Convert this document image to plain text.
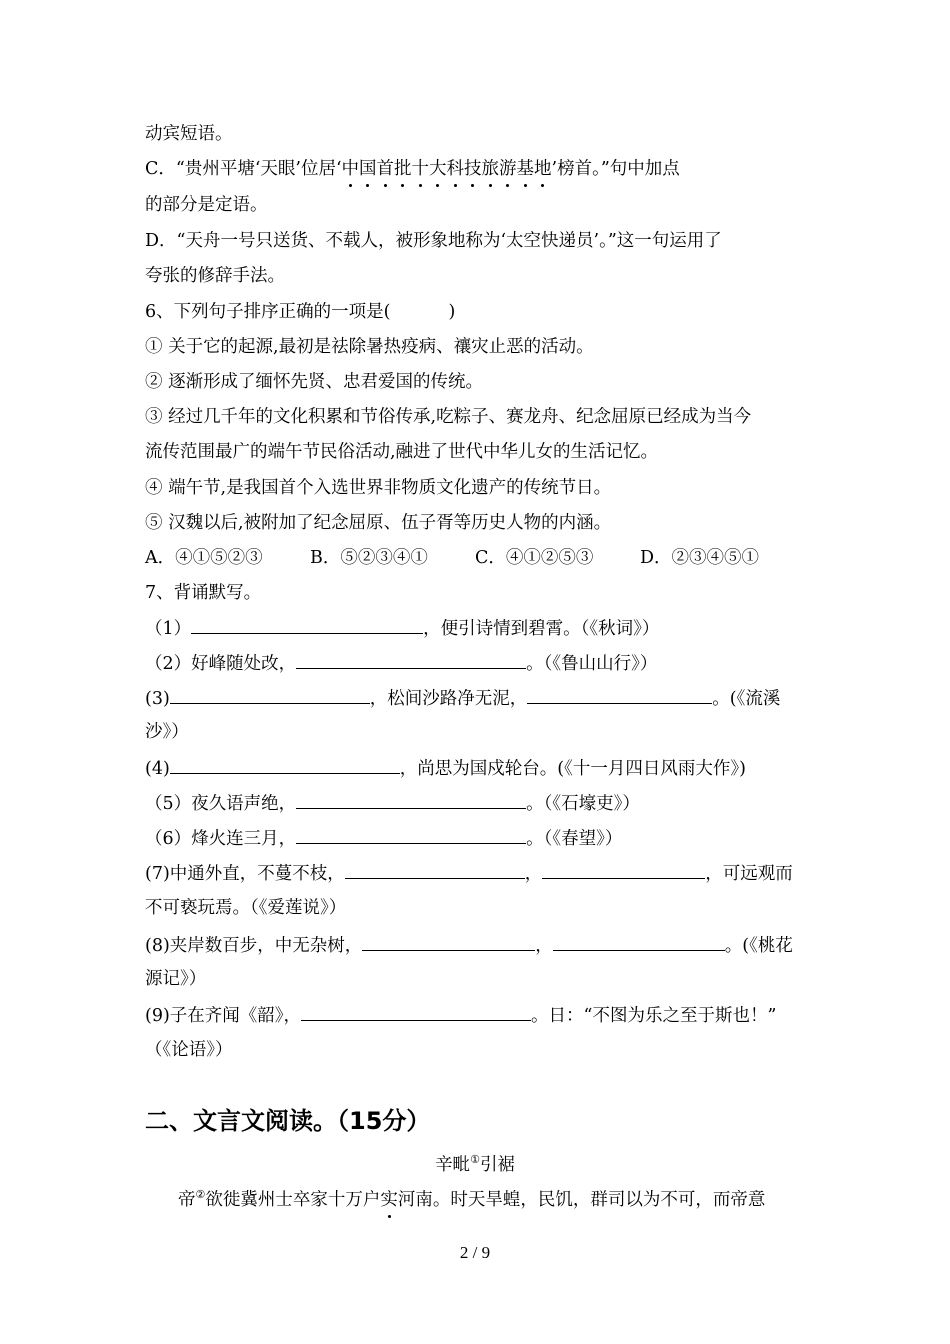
动宾短语。
C．“贵州平塘‘天眼’位居‘中国首批十大科技旅游基地’榜首。”句中加点
的部分是定语。
D．“天舟一号只送货、不载人，被形象地称为‘太空快递员’。”这一句运用了
夸张的修辞手法。
6、下列句子排序正确的一项是(　　　 )
① 关于它的起源,最初是祛除暑热疫病、禳灾止恶的活动。
② 逐渐形成了缅怀先贤、忠君爱国的传统。
③ 经过几千年的文化积累和节俗传承,吃粽子、赛龙舟、纪念屈原已经成为当今
流传范围最广的端午节民俗活动,融进了世代中华儿女的生活记忆。
④ 端午节,是我国首个入选世界非物质文化遗产的传统节日。
⑤ 汉魏以后,被附加了纪念屈原、伍子胥等历史人物的内涵。
A．④①⑤②③	B．⑤②③④①	C．④①②⑤③	D．②③④⑤①
7、背诵默写。
（1）	，便引诗情到碧霄。（《秋词》）
（2）好峰随处改，	。（《鲁山山行》）
(3)	，松间沙路净无泥，	。(《流溪
沙》）
(4)	，尚思为国戍轮台。(《十一月四日风雨大作》)
（5）夜久语声绝，	。（《石壕吏》）
（6）烽火连三月，	。（《春望》）
(7)中通外直，不蔓不枝，	，	，可远观而
不可亵玩焉。（《爱莲说》）
(8)夹岸数百步，中无杂树，	，	。(《桃花
源记》）
(9)子在齐闻《韶》，	。日：“不图为乐之至于斯也！”
（《论语》）
二、文言文阅读。（15分）
辛毗①引裾
帝②欲徙冀州士卒家十万户实河南。时天旱蝗，民饥，群司以为不可，而帝意
2 / 9
